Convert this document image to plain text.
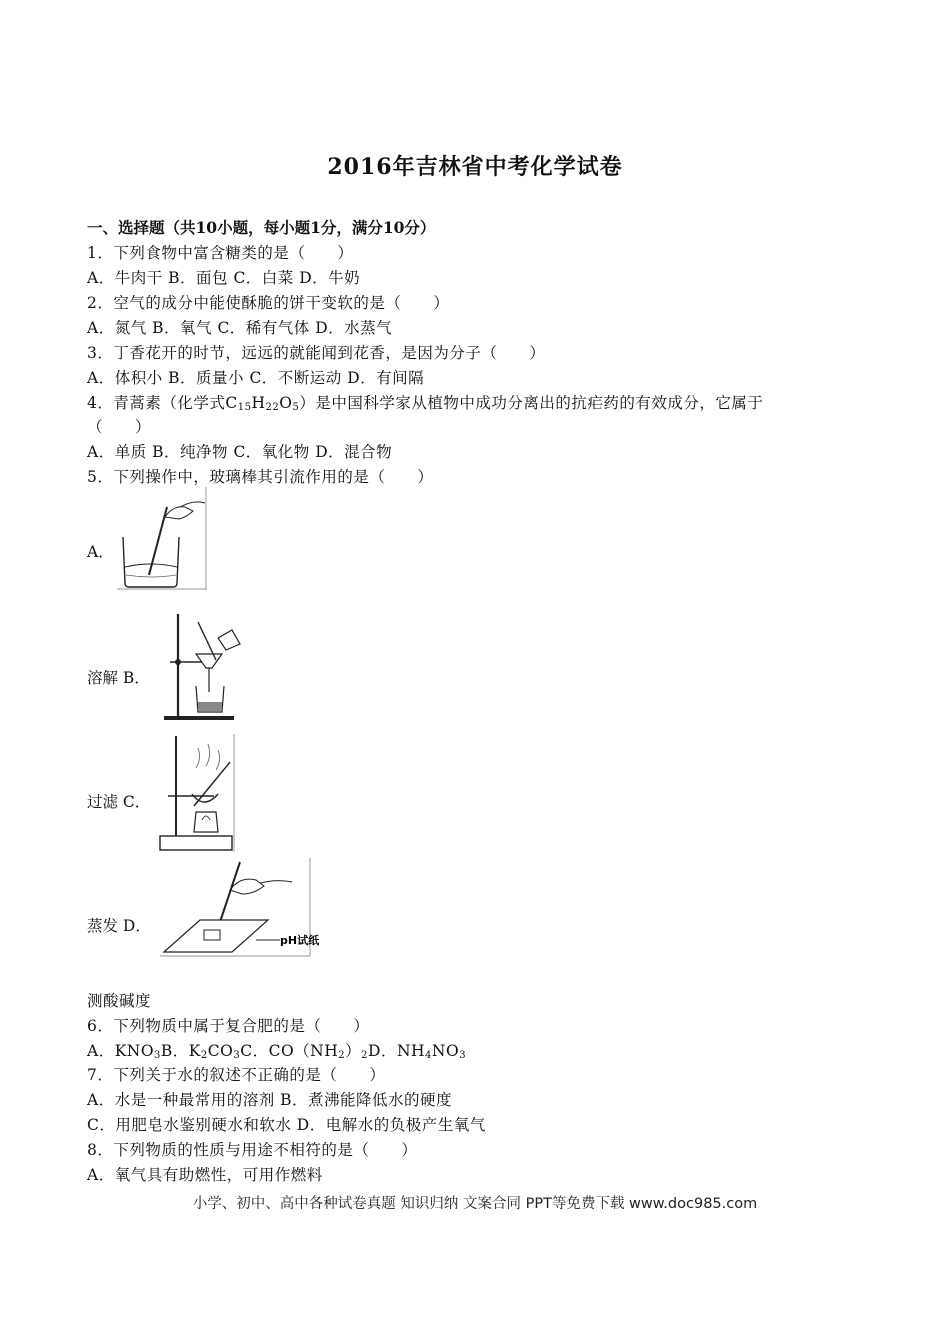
2016年吉林省中考化学试卷
一、选择题（共10小题，每小题1分，满分10分）
1．下列食物中富含糖类的是（　　）
A．牛肉干 B．面包 C．白菜 D．牛奶
2．空气的成分中能使酥脆的饼干变软的是（　　）
A．氮气 B．氧气 C．稀有气体 D．水蒸气
3．丁香花开的时节，远远的就能闻到花香，是因为分子（　　）
A．体积小 B．质量小 C．不断运动 D．有间隔
4．青蒿素（化学式$C_{15}H_{22}O_5$）是中国科学家从植物中成功分离出的抗疟药的有效成分，它属于
（　　）
A．单质 B．纯净物 C．氧化物 D．混合物
5．下列操作中，玻璃棒其引流作用的是（　　）
A．
溶解 B．
过滤 C．
蒸发 D．
pH试纸
测酸碱度
6．下列物质中属于复合肥的是（　　）
A．$KNO_3B$．$K_2CO_3C$．$CO(NH_2)_2D$．$NH_4NO_3$
7．下列关于水的叙述不正确的是（　　）
A．水是一种最常用的溶剂 B．煮沸能降低水的硬度
C．用肥皂水鉴别硬水和软水 D．电解水的负极产生氧气
8．下列物质的性质与用途不相符的是（　　）
A．氧气具有助燃性，可用作燃料
小学、初中、高中各种试卷真题 知识归纳 文案合同 PPT等免费下载 www.doc985.com
